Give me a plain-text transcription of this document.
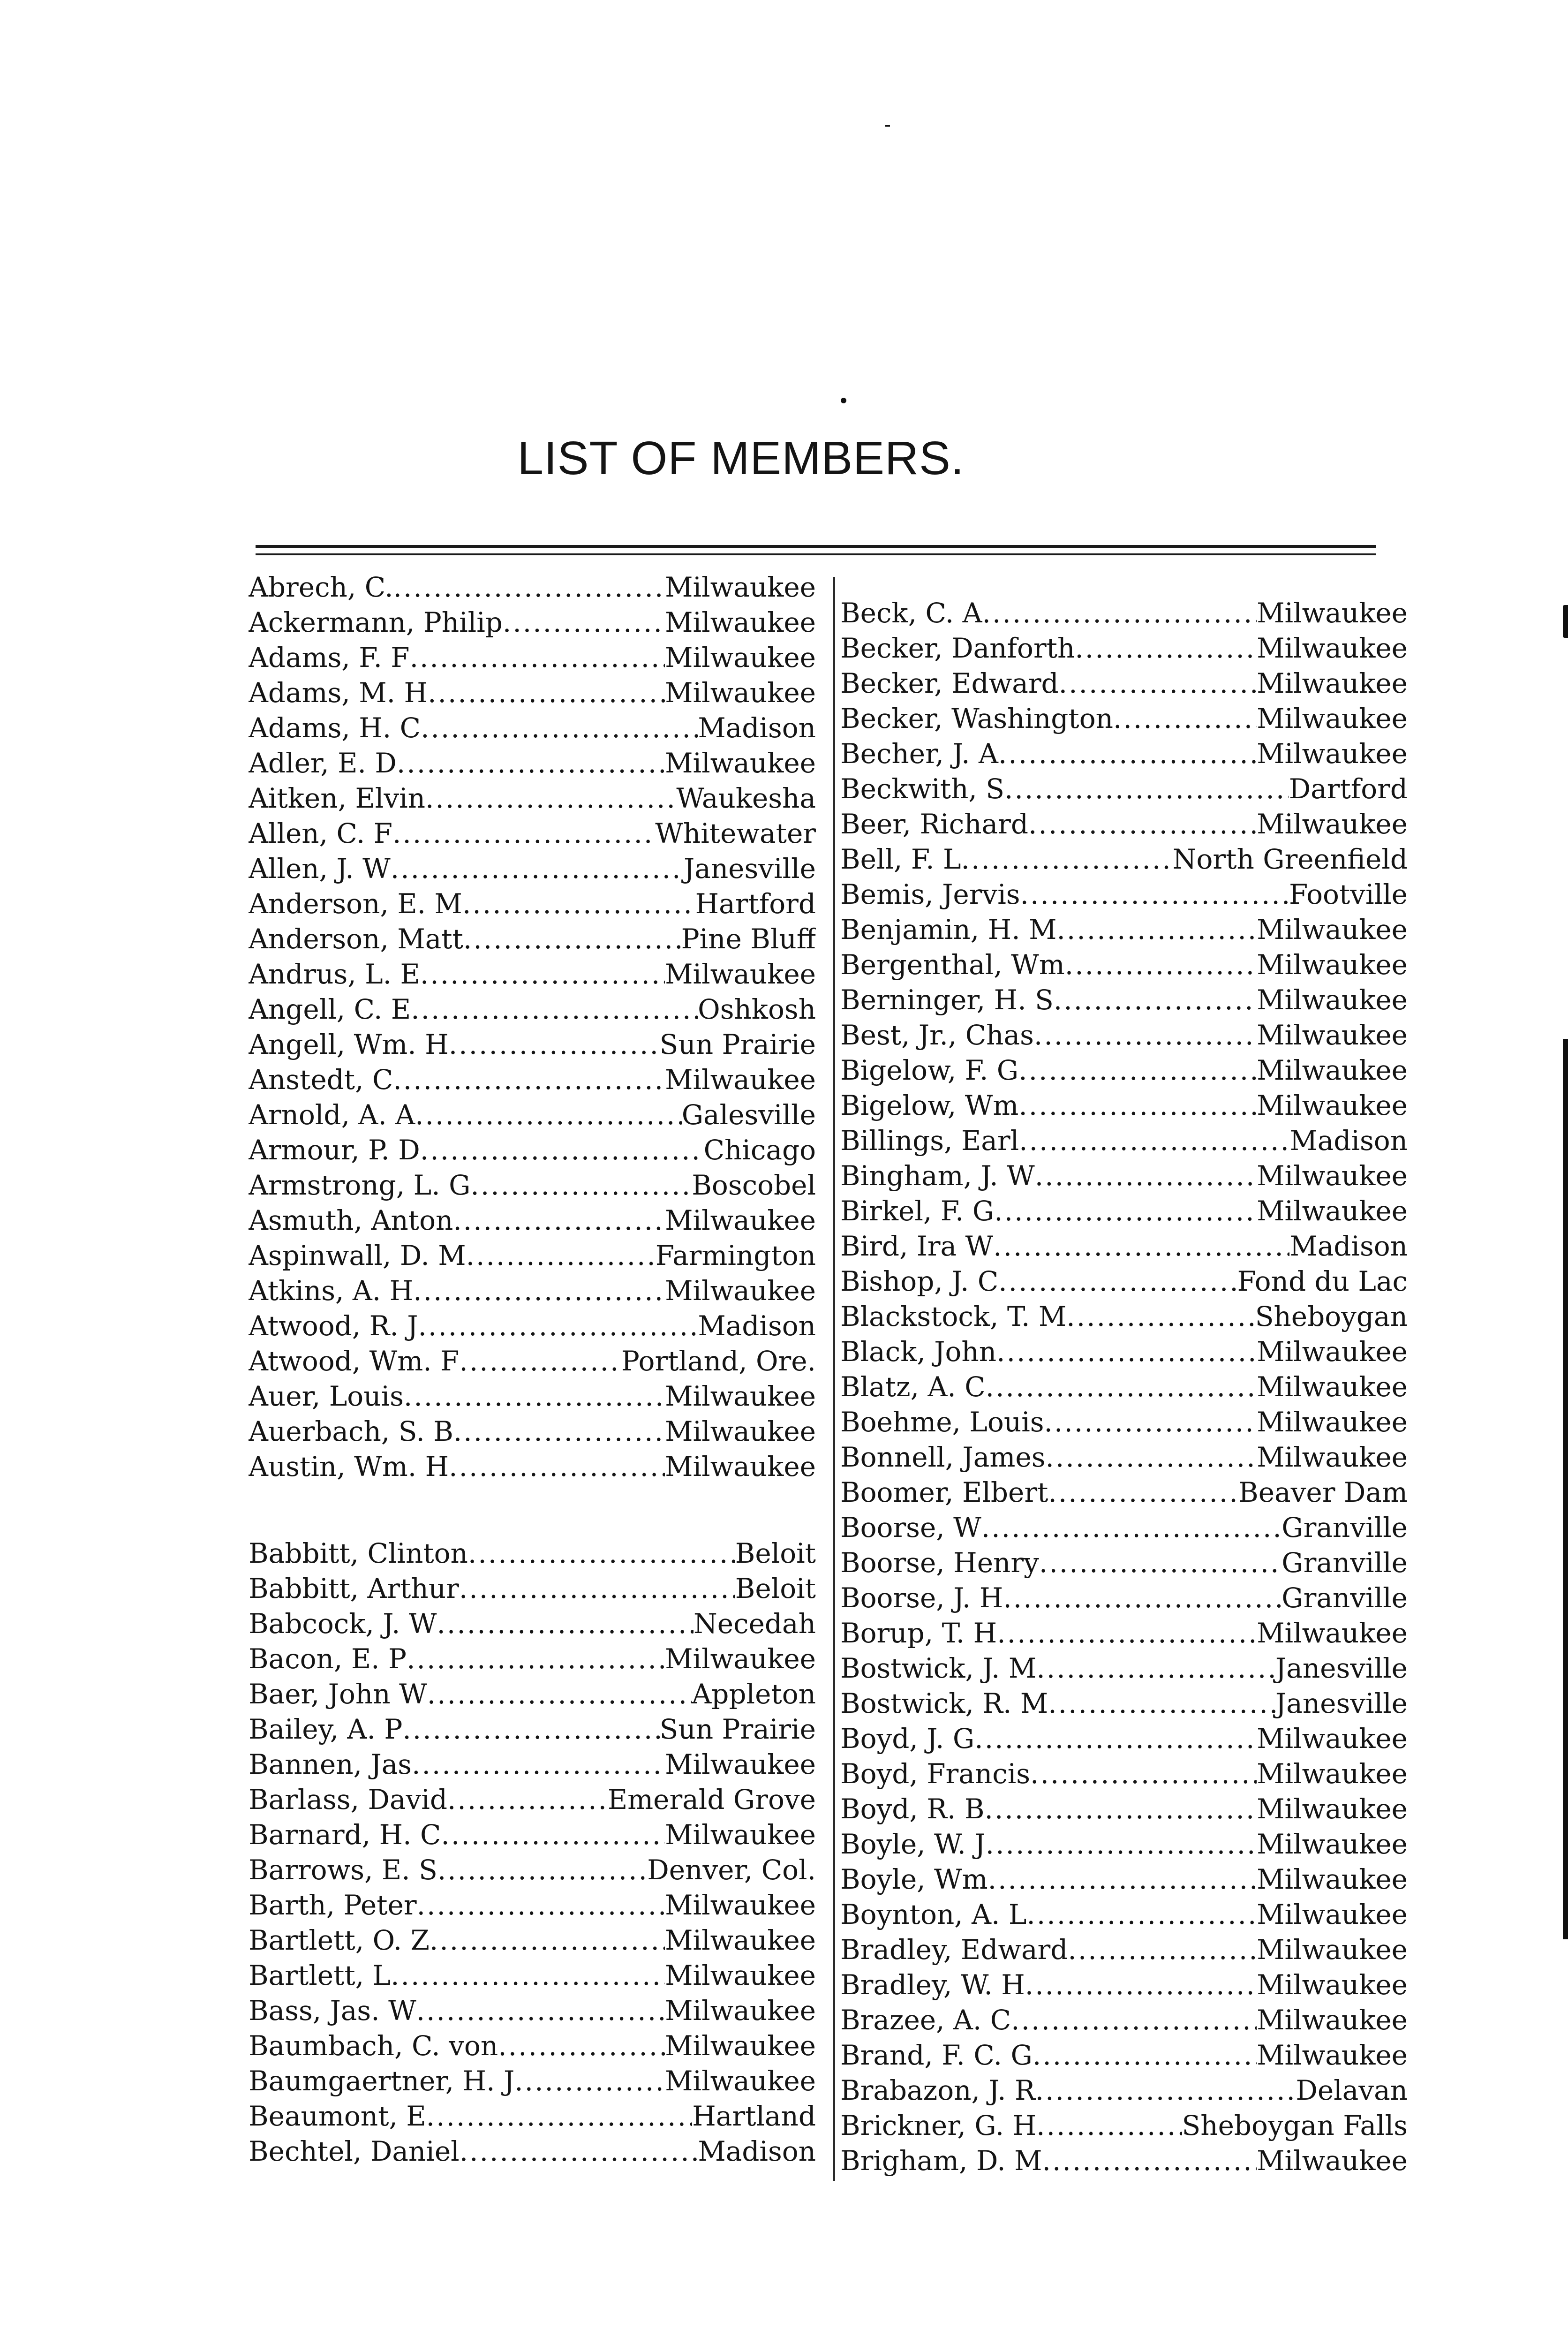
LIST OF MEMBERS.
Abrech, C. .....	Milwaukee
Ackermann, Philip .....	Milwaukee
Adams, F. F .....	Milwaukee
Adams, M. H .....	Milwaukee
Adams, H. C .....	Madison
Adler, E. D .....	Milwaukee
Aitken, Elvin .....	Waukesha
Allen, C. F .....	Whitewater
Allen, J. W .....	Janesville
Anderson, E. M .....	Hartford
Anderson, Matt .....	Pine Bluff
Andrus, L. E .....	Milwaukee
Angell, C. E .....	Oshkosh
Angell, Wm. H .....	Sun Prairie
Anstedt, C .....	Milwaukee
Arnold, A. A .....	Galesville
Armour, P. D .....	Chicago
Armstrong, L. G .....	Boscobel
Asmuth, Anton .....	Milwaukee
Aspinwall, D. M .....	Farmington
Atkins, A. H .....	Milwaukee
Atwood, R. J .....	Madison
Atwood, Wm. F .....	Portland, Ore.
Auer, Louis .....	Milwaukee
Auerbach, S. B .....	Milwaukee
Austin, Wm. H .....	Milwaukee
Babbitt, Clinton .....	Beloit
Babbitt, Arthur .....	Beloit
Babcock, J. W .....	Necedah
Bacon, E. P .....	Milwaukee
Baer, John W .....	Appleton
Bailey, A. P .....	Sun Prairie
Bannen, Jas .....	Milwaukee
Barlass, David .....	Emerald Grove
Barnard, H. C .....	Milwaukee
Barrows, E. S .....	Denver, Col.
Barth, Peter .....	Milwaukee
Bartlett, O. Z .....	Milwaukee
Bartlett, L .....	Milwaukee
Bass, Jas. W .....	Milwaukee
Baumbach, C. von .....	Milwaukee
Baumgaertner, H. J .....	Milwaukee
Beaumont, E .....	Hartland
Bechtel, Daniel .....	Madison
Beck, C. A .....	Milwaukee
Becker, Danforth .....	Milwaukee
Becker, Edward .....	Milwaukee
Becker, Washington .....	Milwaukee
Becher, J. A .....	Milwaukee
Beckwith, S .....	Dartford
Beer, Richard .....	Milwaukee
Bell, F. L .....	North Greenfield
Bemis, Jervis .....	Footville
Benjamin, H. M .....	Milwaukee
Bergenthal, Wm .....	Milwaukee
Berninger, H. S .....	Milwaukee
Best, Jr., Chas .....	Milwaukee
Bigelow, F. G .....	Milwaukee
Bigelow, Wm .....	Milwaukee
Billings, Earl .....	Madison
Bingham, J. W .....	Milwaukee
Birkel, F. G .....	Milwaukee
Bird, Ira W .....	Madison
Bishop, J. C .....	Fond du Lac
Blackstock, T. M .....	Sheboygan
Black, John .....	Milwaukee
Blatz, A. C .....	Milwaukee
Boehme, Louis .....	Milwaukee
Bonnell, James .....	Milwaukee
Boomer, Elbert .....	Beaver Dam
Boorse, W .....	Granville
Boorse, Henry .....	Granville
Boorse, J. H .....	Granville
Borup, T. H .....	Milwaukee
Bostwick, J. M .....	Janesville
Bostwick, R. M .....	Janesville
Boyd, J. G .....	Milwaukee
Boyd, Francis .....	Milwaukee
Boyd, R. B .....	Milwaukee
Boyle, W. J .....	Milwaukee
Boyle, Wm .....	Milwaukee
Boynton, A. L .....	Milwaukee
Bradley, Edward .....	Milwaukee
Bradley, W. H .....	Milwaukee
Brazee, A. C .....	Milwaukee
Brand, F. C. G .....	Milwaukee
Brabazon, J. R .....	Delavan
Brickner, G. H .....	Sheboygan Falls
Brigham, D. M .....	Milwaukee
